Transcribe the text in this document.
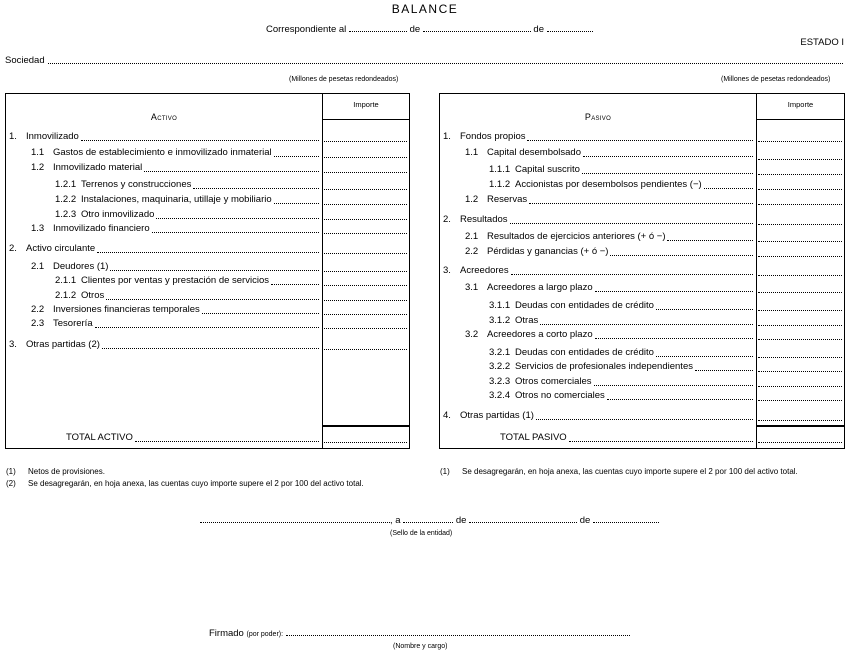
BALANCE
Correspondiente al	de	de
ESTADO I
Sociedad
(Millones de pesetas redondeados)	(Millones de pesetas redondeados)
Activo
Importe
Pasivo
Importe
(1) Netos de provisiones.
(2) Se desagregarán, en hoja anexa, las cuentas cuyo importe supere el 2 por 100 del activo total.
(1) Se desagregarán, en hoja anexa, las cuentas cuyo importe supere el 2 por 100 del activo total.
, a	de	de
(Sello de la entidad)
Firmado (por poder):
(Nombre y cargo)
1. Inmovilizado
1.1 Gastos de establecimiento e inmovilizado inmaterial
1.2 Inmovilizado material
1.2.1 Terrenos y construcciones
1.2.2 Instalaciones, maquinaria, utillaje y mobiliario
1.2.3 Otro inmovilizado
1.3 Inmovilizado financiero
2. Activo circulante
2.1 Deudores (1)
2.1.1 Clientes por ventas y prestación de servicios
2.1.2 Otros
2.2 Inversiones financieras temporales
2.3 Tesorería
3. Otras partidas (2)
TOTAL ACTIVO
1. Fondos propios
1.1 Capital desembolsado
1.1.1 Capital suscrito
1.1.2 Accionistas por desembolsos pendientes (−)
1.2 Reservas
2. Resultados
2.1 Resultados de ejercicios anteriores (+ ó −)
2.2 Pérdidas y ganancias (+ ó −)
3. Acreedores
3.1 Acreedores a largo plazo
3.1.1 Deudas con entidades de crédito
3.1.2 Otras
3.2 Acreedores a corto plazo
3.2.1 Deudas con entidades de crédito
3.2.2 Servicios de profesionales independientes
3.2.3 Otros comerciales
3.2.4 Otros no comerciales
4. Otras partidas (1)
TOTAL PASIVO
